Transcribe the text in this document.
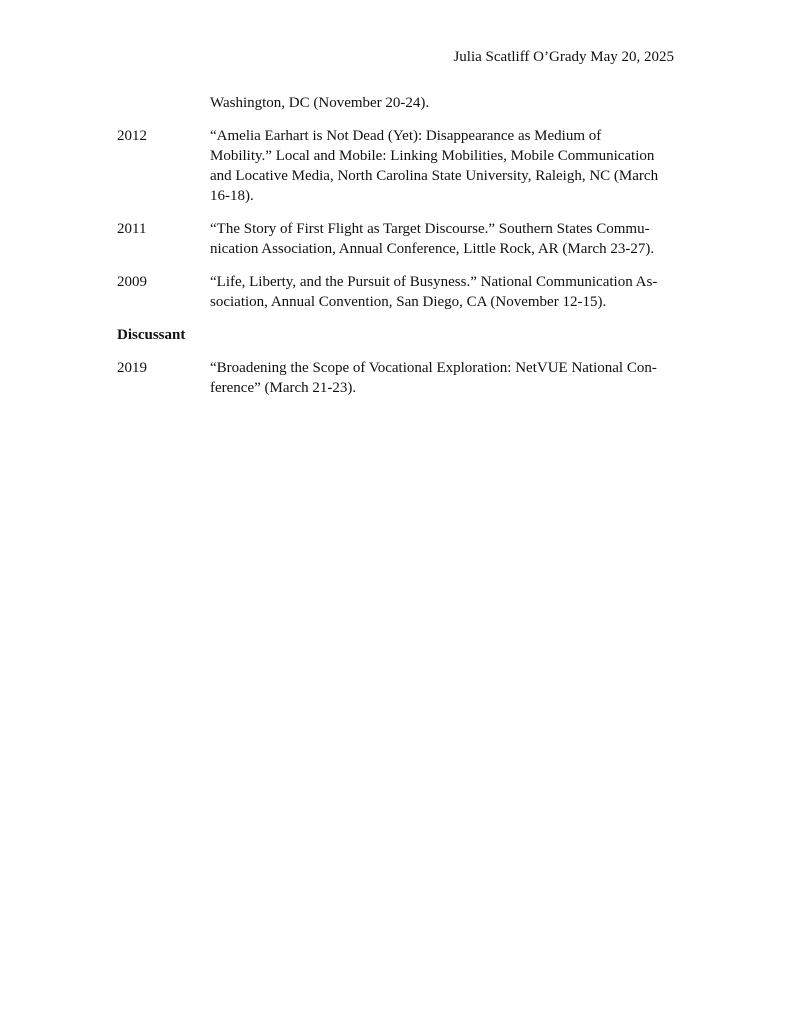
Julia Scatliff O’Grady May 20, 2025
Washington, DC (November 20-24).
2012	“Amelia Earhart is Not Dead (Yet): Disappearance as Medium of
Mobility.” Local and Mobile: Linking Mobilities, Mobile Communication
and Locative Media, North Carolina State University, Raleigh, NC (March
16-18).
2011	“The Story of First Flight as Target Discourse.” Southern States Commu-
nication Association, Annual Conference, Little Rock, AR (March 23-27).
2009	“Life, Liberty, and the Pursuit of Busyness.” National Communication As-
sociation, Annual Convention, San Diego, CA (November 12-15).
Discussant
2019	“Broadening the Scope of Vocational Exploration: NetVUE National Con-
ference” (March 21-23).
